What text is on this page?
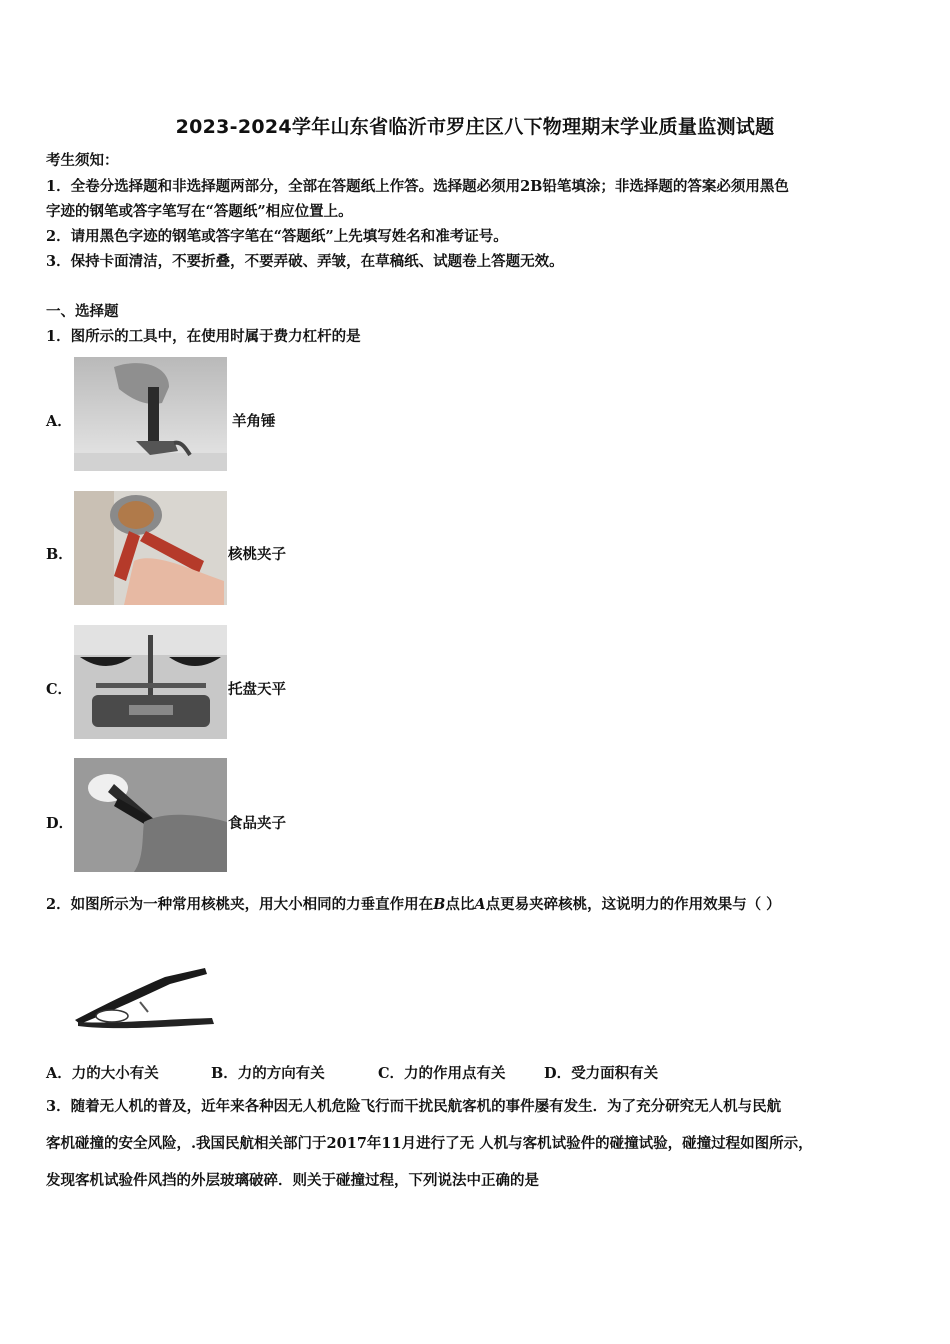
2023-2024学年山东省临沂市罗庄区八下物理期末学业质量监测试题
考生须知：
1．全卷分选择题和非选择题两部分，全部在答题纸上作答。选择题必须用2B铅笔填涂；非选择题的答案必须用黑色
字迹的钢笔或答字笔写在“答题纸”相应位置上。
2．请用黑色字迹的钢笔或答字笔在“答题纸”上先填写姓名和准考证号。
3．保持卡面清洁，不要折叠，不要弄破、弄皱，在草稿纸、试题卷上答题无效。
一、选择题
1．图所示的工具中，在使用时属于费力杠杆的是
A．	羊角锤
B．	核桃夹子
C．	托盘天平
D．	食品夹子
2．如图所示为一种常用核桃夹，用大小相同的力垂直作用在B点比A点更易夹碎核桃，这说明力的作用效果与（ ）
A．力的大小有关	B．力的方向有关	C．力的作用点有关	D．受力面积有关
3．随着无人机的普及，近年来各种因无人机危险飞行而干扰民航客机的事件屡有发生．为了充分研究无人机与民航
客机碰撞的安全风险，.我国民航相关部门于2017年11月进行了无 人机与客机试验件的碰撞试验，碰撞过程如图所示，
发现客机试验件风挡的外层玻璃破碎．则关于碰撞过程，下列说法中正确的是
